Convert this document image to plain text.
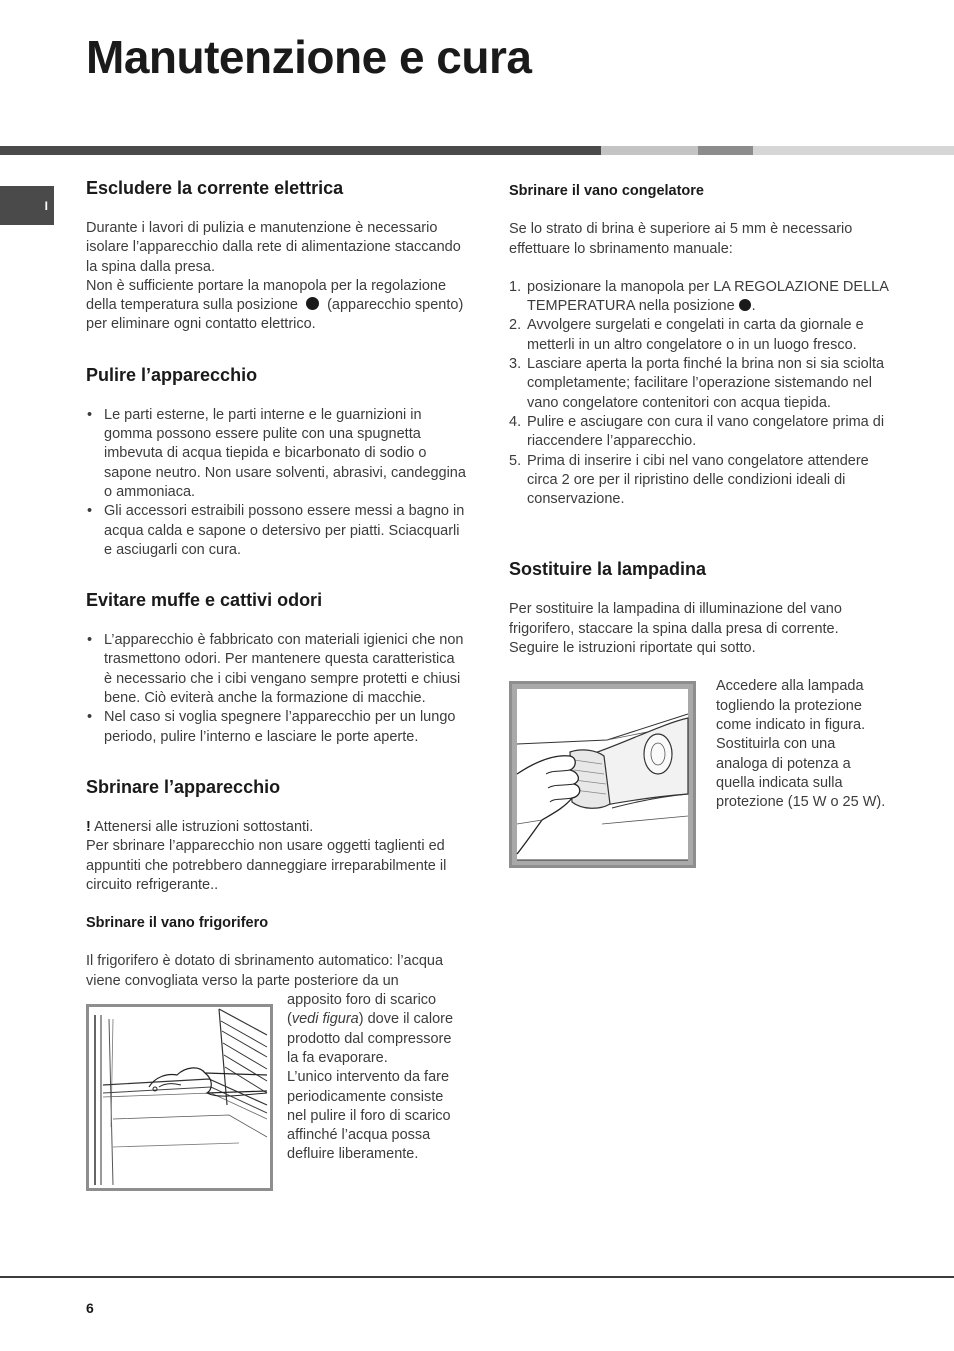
Manutenzione e cura
I
Escludere la corrente elettrica

Durante i lavori di pulizia e manutenzione è necessario isolare l’apparecchio dalla rete di alimentazione staccando la spina dalla presa.

Non è sufficiente portare la manopola per la regolazione della temperatura sulla posizione (apparecchio spento) per eliminare ogni contatto elettrico.

Pulire l’apparecchio
• Le parti esterne, le parti interne e le guarnizioni in gomma possono essere pulite con una spugnetta imbevuta di acqua tiepida e bicarbonato di sodio o sapone neutro. Non usare solventi, abrasivi, candeggina o ammoniaca.
• Gli accessori estraibili possono essere messi a bagno in acqua calda e sapone o detersivo per piatti. Sciacquarli e asciugarli con cura.
Evitare muffe e cattivi odori
• L’apparecchio è fabbricato con materiali igienici che non trasmettono odori. Per mantenere questa caratteristica è necessario che i cibi vengano sempre protetti e chiusi bene. Ciò eviterà anche la formazione di macchie.
• Nel caso si voglia spegnere l’apparecchio per un lungo periodo, pulire l’interno e lasciare le porte aperte.
Sbrinare l’apparecchio

! Attenersi alle istruzioni sottostanti.

Per sbrinare l’apparecchio non usare oggetti taglienti ed appuntiti che potrebbero danneggiare irreparabilmente il circuito refrigerante..

Sbrinare il vano frigorifero

Il frigorifero è dotato di sbrinamento automatico: l’acqua viene convogliata verso la parte posteriore da un

apposito foro di scarico (vedi figura) dove il calore prodotto dal compressore la fa evaporare.

L’unico intervento da fare periodicamente consiste nel pulire il foro di scarico affinché l’acqua possa defluire liberamente.

Sbrinare il vano congelatore

Se lo strato di brina è superiore ai 5 mm è necessario effettuare lo sbrinamento manuale:

1. posizionare la manopola per LA REGOLAZIONE DELLA TEMPERATURA nella posizione .
2. Avvolgere surgelati e congelati in carta da giornale e metterli in un altro congelatore o in un luogo fresco.
3. Lasciare aperta la porta finché la brina non si sia sciolta completamente; facilitare l’operazione sistemando nel vano congelatore contenitori con acqua tiepida.
4. Pulire e asciugare con cura il vano congelatore prima di riaccendere l’apparecchio.
5. Prima di inserire i cibi nel vano congelatore attendere circa 2 ore per il ripristino delle condizioni ideali di conservazione.
Sostituire la lampadina

Per sostituire la lampadina di illuminazione del vano frigorifero, staccare la spina dalla presa di corrente. Seguire le istruzioni riportate qui sotto.

Accedere alla lampada togliendo la protezione come indicato in figura. Sostituirla con una analoga di potenza a quella indicata sulla protezione (15 W o 25 W).

6
